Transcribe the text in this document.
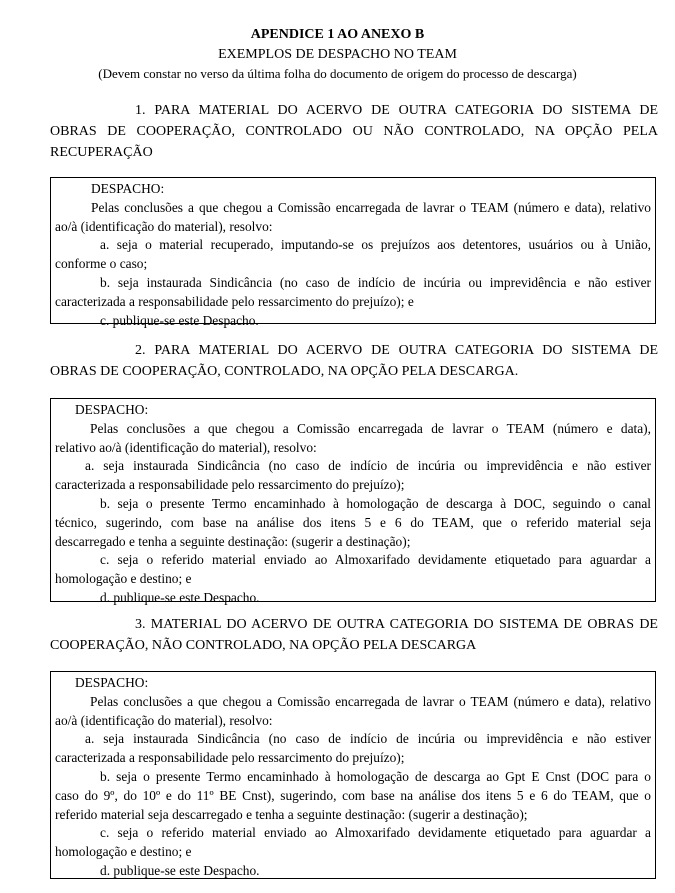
APENDICE 1 AO ANEXO B
EXEMPLOS DE DESPACHO NO TEAM
(Devem constar no verso da última folha do documento de origem do processo de descarga)
1. PARA MATERIAL DO ACERVO DE OUTRA CATEGORIA DO SISTEMA DE
OBRAS DE COOPERAÇÃO, CONTROLADO OU NÃO CONTROLADO, NA OPÇÃO PELA
RECUPERAÇÃO
DESPACHO:
Pelas conclusões a que chegou a Comissão encarregada de lavrar o TEAM (número e data), relativo
ao/à (identificação do material), resolvo:
a. seja o material recuperado, imputando-se os prejuízos aos detentores, usuários ou à União,
conforme o caso;
b. seja instaurada Sindicância (no caso de indício de incúria ou imprevidência e não estiver
caracterizada a responsabilidade pelo ressarcimento do prejuízo); e
c. publique-se este Despacho.
2. PARA MATERIAL DO ACERVO DE OUTRA CATEGORIA DO SISTEMA DE
OBRAS DE COOPERAÇÃO, CONTROLADO, NA OPÇÃO PELA DESCARGA.
DESPACHO:
Pelas conclusões a que chegou a Comissão encarregada de lavrar o TEAM (número e data),
relativo ao/à (identificação do material), resolvo:
a. seja instaurada Sindicância (no caso de indício de incúria ou imprevidência e não estiver
caracterizada a responsabilidade pelo ressarcimento do prejuízo);
b. seja o presente Termo encaminhado à homologação de descarga à DOC, seguindo o canal
técnico, sugerindo, com base na análise dos itens 5 e 6 do TEAM, que o referido material seja
descarregado e tenha a seguinte destinação: (sugerir a destinação);
c. seja o referido material enviado ao Almoxarifado devidamente etiquetado para aguardar a
homologação e destino; e
d. publique-se este Despacho.
3. MATERIAL DO ACERVO DE OUTRA CATEGORIA DO SISTEMA DE OBRAS DE
COOPERAÇÃO, NÃO CONTROLADO, NA OPÇÃO PELA DESCARGA
DESPACHO:
Pelas conclusões a que chegou a Comissão encarregada de lavrar o TEAM (número e data), relativo
ao/à (identificação do material), resolvo:
a. seja instaurada Sindicância (no caso de indício de incúria ou imprevidência e não estiver
caracterizada a responsabilidade pelo ressarcimento do prejuízo);
b. seja o presente Termo encaminhado à homologação de descarga ao Gpt E Cnst (DOC para o
caso do 9º, do 10º e do 11º BE Cnst), sugerindo, com base na análise dos itens 5 e 6 do TEAM, que o
referido material seja descarregado e tenha a seguinte destinação: (sugerir a destinação);
c. seja o referido material enviado ao Almoxarifado devidamente etiquetado para aguardar a
homologação e destino; e
d. publique-se este Despacho.
